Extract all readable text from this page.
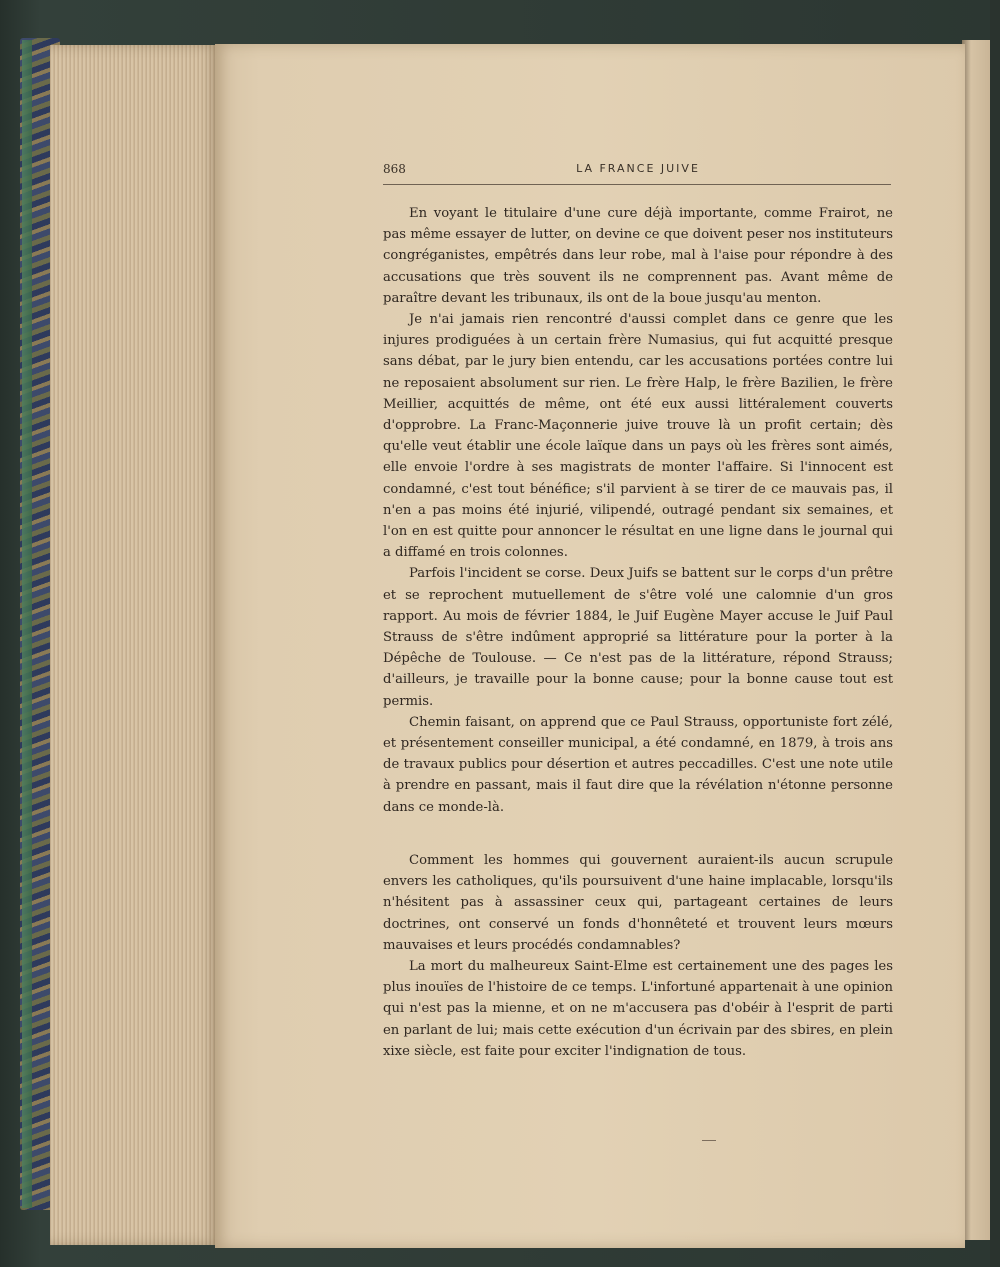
868	LA FRANCE JUIVE

En voyant le titulaire d'une cure déjà importante, comme Frairot, ne pas même essayer de lutter, on devine ce que doivent peser nos instituteurs congréganistes, empêtrés dans leur robe, mal à l'aise pour répondre à des accusations que très souvent ils ne comprennent pas. Avant même de paraître devant les tribunaux, ils ont de la boue jusqu'au menton.

Je n'ai jamais rien rencontré d'aussi complet dans ce genre que les injures prodiguées à un certain frère Numasius, qui fut acquitté presque sans débat, par le jury bien entendu, car les accusations portées contre lui ne reposaient absolument sur rien. Le frère Halp, le frère Bazilien, le frère Meillier, acquittés de même, ont été eux aussi littéralement couverts d'opprobre. La Franc-Maçonnerie juive trouve là un profit certain; dès qu'elle veut établir une école laïque dans un pays où les frères sont aimés, elle envoie l'ordre à ses magistrats de monter l'affaire. Si l'innocent est condamné, c'est tout bénéfice; s'il parvient à se tirer de ce mauvais pas, il n'en a pas moins été injurié, vilipendé, outragé pendant six semaines, et l'on en est quitte pour annoncer le résultat en une ligne dans le journal qui a diffamé en trois colonnes.

Parfois l'incident se corse. Deux Juifs se battent sur le corps d'un prêtre et se reprochent mutuellement de s'être volé une calomnie d'un gros rapport. Au mois de février 1884, le Juif Eugène Mayer accuse le Juif Paul Strauss de s'être indûment approprié sa littérature pour la porter à la Dépêche de Toulouse. — Ce n'est pas de la littérature, répond Strauss; d'ailleurs, je travaille pour la bonne cause; pour la bonne cause tout est permis.

Chemin faisant, on apprend que ce Paul Strauss, opportuniste fort zélé, et présentement conseiller municipal, a été condamné, en 1879, à trois ans de travaux publics pour désertion et autres peccadilles. C'est une note utile à prendre en passant, mais il faut dire que la révélation n'étonne personne dans ce monde-là.

Comment les hommes qui gouvernent auraient-ils aucun scrupule envers les catholiques, qu'ils poursuivent d'une haine implacable, lorsqu'ils n'hésitent pas à assassiner ceux qui, partageant certaines de leurs doctrines, ont conservé un fonds d'honnêteté et trouvent leurs mœurs mauvaises et leurs procédés condamnables?

La mort du malheureux Saint-Elme est certainement une des pages les plus inouïes de l'histoire de ce temps. L'infortuné appartenait à une opinion qui n'est pas la mienne, et on ne m'accusera pas d'obéir à l'esprit de parti en parlant de lui; mais cette exécution d'un écrivain par des sbires, en plein xixe siècle, est faite pour exciter l'indignation de tous.
